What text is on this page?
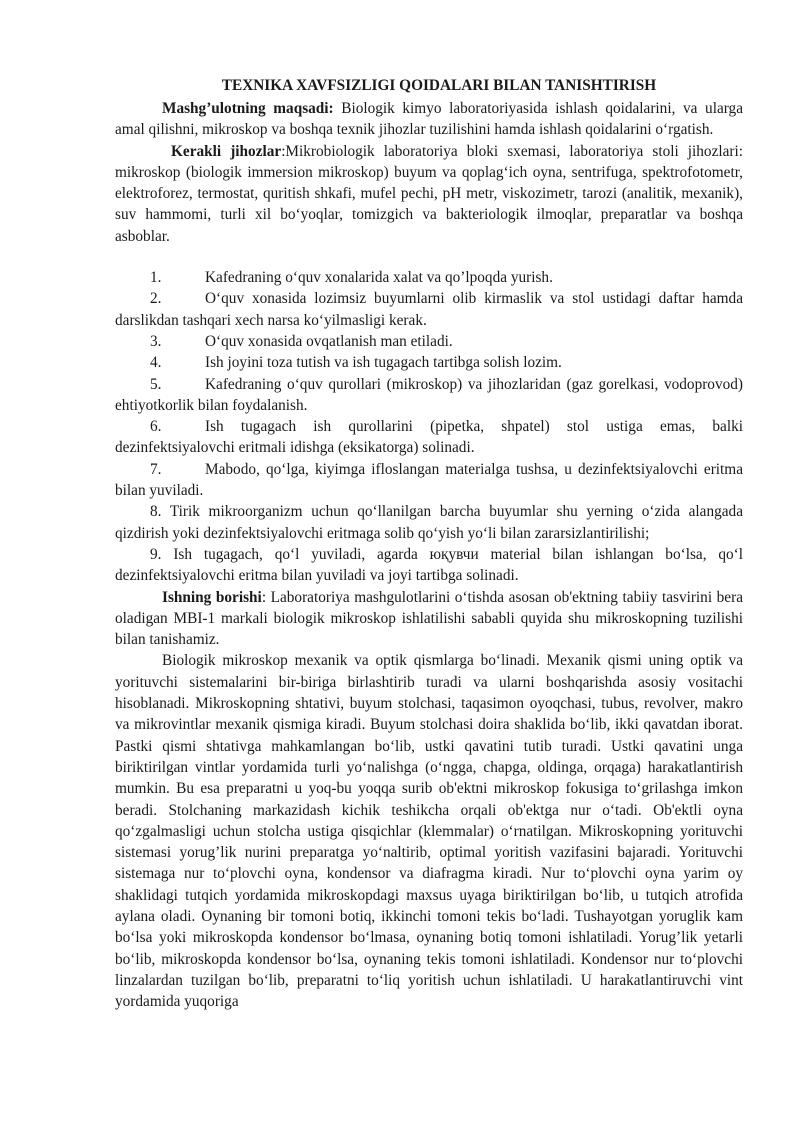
TEXNIKA XAVFSIZLIGI QOIDALARI BILAN TANISHTIRISH

Mashg’ulotning maqsadi: Biologik kimyo laboratoriyasida ishlash qoidalarini, va ularga amal qilishni, mikroskop va boshqa texnik jihozlar tuzilishini hamda ishlash qoidalarini o‘rgatish.

Kerakli jihozlar:Mikrobiologik laboratoriya bloki sxemasi, laboratoriya stoli jihozlari: mikroskop (biologik immersion mikroskop) buyum va qoplag‘ich oyna, sentrifuga, spektrofotometr, elektroforez, termostat, quritish shkafi, mufel pechi, pH metr, viskozimetr, tarozi (analitik, mexanik), suv hammomi, turli xil bo‘yoqlar, tomizgich va bakteriologik ilmoqlar, preparatlar va boshqa asboblar.

1.	Kafedraning o‘quv xonalarida xalat va qo’lpoqda yurish.

2.	O‘quv xonasida lozimsiz buyumlarni olib kirmaslik va stol ustidagi daftar hamda darslikdan tashqari xech narsa ko‘yilmasligi kerak.

3.	O‘quv xonasida ovqatlanish man etiladi.

4.	Ish joyini toza tutish va ish tugagach tartibga solish lozim.

5.	Kafedraning o‘quv qurollari (mikroskop) va jihozlaridan (gaz gorelkasi, vodoprovod) ehtiyotkorlik bilan foydalanish.

6.	Ish tugagach ish qurollarini (pipetka, shpatel) stol ustiga emas, balki dezinfektsiyalovchi eritmali idishga (eksikatorga) solinadi.

7.	Mabodo, qo‘lga, kiyimga ifloslangan materialga tushsa, u dezinfektsiyalovchi eritma bilan yuviladi.

8. Tirik mikroorganizm uchun qo‘llanilgan barcha buyumlar shu yerning o‘zida alangada qizdirish yoki dezinfektsiyalovchi eritmaga solib qo‘yish yo‘li bilan zararsizlantirilishi;

9. Ish tugagach, qo‘l yuviladi, agarda юқувчи material bilan ishlangan bo‘lsa, qo‘l dezinfektsiyalovchi eritma bilan yuviladi va joyi tartibga solinadi.

Ishning borishi: Laboratoriya mashgulotlarini o‘tishda asosan ob'ektning tabiiy tasvirini bera oladigan MBI-1 markali biologik mikroskop ishlatilishi sababli quyida shu mikroskopning tuzilishi bilan tanishamiz.

Biologik mikroskop mexanik va optik qismlarga bo‘linadi. Mexanik qismi uning optik va yorituvchi sistemalarini bir-biriga birlashtirib turadi va ularni boshqarishda asosiy vositachi hisoblanadi. Mikroskopning shtativi, buyum stolchasi, taqasimon oyoqchasi, tubus, revolver, makro va mikrovintlar mexanik qismiga kiradi. Buyum stolchasi doira shaklida bo‘lib, ikki qavatdan iborat. Pastki qismi shtativga mahkamlangan bo‘lib, ustki qavatini tutib turadi. Ustki qavatini unga biriktirilgan vintlar yordamida turli yo‘nalishga (o‘ngga, chapga, oldinga, orqaga) harakatlantirish mumkin. Bu esa preparatni u yoq-bu yoqqa surib ob'ektni mikroskop fokusiga to‘grilashga imkon beradi. Stolchaning markazidash kichik teshikcha orqali ob'ektga nur o‘tadi. Ob'ektli oyna qo‘zgalmasligi uchun stolcha ustiga qisqichlar (klemmalar) o‘rnatilgan. Mikroskopning yorituvchi sistemasi yorug’lik nurini preparatga yo‘naltirib, optimal yoritish vazifasini bajaradi. Yorituvchi sistemaga nur to‘plovchi oyna, kondensor va diafragma kiradi. Nur to‘plovchi oyna yarim oy shaklidagi tutqich yordamida mikroskopdagi maxsus uyaga biriktirilgan bo‘lib, u tutqich atrofida aylana oladi. Oynaning bir tomoni botiq, ikkinchi tomoni tekis bo‘ladi. Tushayotgan yoruglik kam bo‘lsa yoki mikroskopda kondensor bo‘lmasa, oynaning botiq tomoni ishlatiladi. Yorug’lik yetarli bo‘lib, mikroskopda kondensor bo‘lsa, oynaning tekis tomoni ishlatiladi. Kondensor nur to‘plovchi linzalardan tuzilgan bo‘lib, preparatni to‘liq yoritish uchun ishlatiladi. U harakatlantiruvchi vint yordamida yuqoriga
